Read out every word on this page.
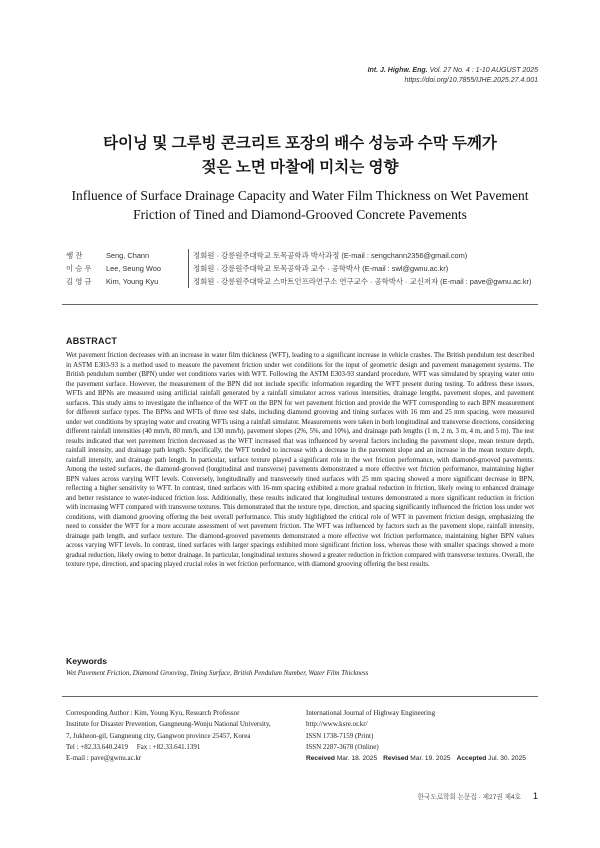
Int. J. Highw. Eng. Vol. 27 No. 4 : 1-10 AUGUST 2025
https://doi.org/10.7855/IJHE.2025.27.4.001
타이닝 및 그루빙 콘크리트 포장의 배수 성능과 수막 두께가
젖은 노면 마찰에 미치는 영향
Influence of Surface Drainage Capacity and Water Film Thickness on Wet Pavement
Friction of Tined and Diamond-Grooved Concrete Pavements
쎙 잔	Seng, Chann	정회원 · 강릉원주대학교 토목공학과 박사과정 (E-mail : sengchann2356@gmail.com)
이 승 우	Lee, Seung Woo	정회원 · 강릉원주대학교 토목공학과 교수 · 공학박사 (E-mail : swl@gwnu.ac.kr)
김 영 규	Kim, Young Kyu	정회원 · 강릉원주대학교 스마트인프라연구소 연구교수 · 공학박사 · 교신저자 (E-mail : pave@gwnu.ac.kr)
ABSTRACT
Wet pavement friction decreases with an increase in water film thickness (WFT), leading to a significant increase in vehicle crashes. The British pendulum test described in ASTM E303-93 is a method used to measure the pavement friction under wet conditions for the input of geometric design and pavement management systems. The British pendulum number (BPN) under wet conditions varies with WFT. Following the ASTM E303-93 standard procedure, WFT was simulated by spraying water onto the pavement surface. However, the measurement of the BPN did not include specific information regarding the WFT present during testing. To address these issues, WFTs and BPNs are measured using artificial rainfall generated by a rainfall simulator across various intensities, drainage lengths, pavement slopes, and pavement surfaces. This study aims to investigate the influence of the WFT on the BPN for wet pavement friction and provide the WFT corresponding to each BPN measurement for different surface types. The BPNs and WFTs of three test slabs, including diamond grooving and tining surfaces with 16 mm and 25 mm spacing, were measured under wet conditions by spraying water and creating WFTs using a rainfall simulator. Measurements were taken in both longitudinal and transverse directions, considering different rainfall intensities (40 mm/h, 80 mm/h, and 130 mm/h), pavement slopes (2%, 5%, and 10%), and drainage path lengths (1 m, 2 m, 3 m, 4 m, and 5 m). The test results indicated that wet pavement friction decreased as the WFT increased that was influenced by several factors including the pavement slope, mean texture depth, rainfall intensity, and drainage path length. Specifically, the WFT tended to increase with a decrease in the pavement slope and an increase in the mean texture depth, rainfall intensity, and drainage path length. In particular, surface texture played a significant role in the wet friction performance, with diamond-grooved pavements. Among the tested surfaces, the diamond-grooved (longitudinal and transverse) pavements demonstrated a more effective wet friction performance, maintaining higher BPN values across varying WFT levels. Conversely, longitudinally and transversely tined surfaces with 25 mm spacing showed a more significant decrease in BPN, reflecting a higher sensitivity to WFT. In contrast, tined surfaces with 16-mm spacing exhibited a more gradual reduction in friction, likely owing to enhanced drainage and better resistance to water-induced friction loss. Additionally, these results indicated that longitudinal textures demonstrated a more significant reduction in friction with increasing WFT compared with transverse textures. This demonstrated that the texture type, direction, and spacing significantly influenced the friction loss under wet conditions, with diamond grooving offering the best overall performance. This study highlighted the critical role of WFT in pavement friction design, emphasizing the need to consider the WFT for a more accurate assessment of wet pavement friction. The WFT was influenced by factors such as the pavement slope, rainfall intensity, drainage path length, and surface texture. The diamond-grooved pavements demonstrated a more effective wet friction performance, maintaining higher BPN values across varying WFT levels. In contrast, tined surfaces with larger spacings exhibited more significant friction loss, whereas those with smaller spacings showed a more gradual reduction, likely owing to better drainage. In particular, longitudinal textures showed a greater reduction in friction compared with transverse textures. Overall, the texture type, direction, and spacing played crucial roles in wet friction performance, with diamond grooving offering the best results.
Keywords
Wet Pavement Friction, Diamond Grooving, Tining Surface, British Pendulum Number, Water Film Thickness
Corresponding Author : Kim, Young Kyu, Research Professor
Institute for Disaster Prevention, Gangneung-Wonju National University,
7, Jukheon-gil, Gangneung city, Gangwon province 25457, Korea
Tel : +82.33.640.2419 Fax : +82.33.641.1391
E-mail : pave@gwnu.ac.kr
International Journal of Highway Engineering
http://www.ksre.or.kr/
ISSN 1738-7159 (Print)
ISSN 2287-3678 (Online)
Received Mar. 18. 2025 Revised Mar. 19. 2025 Accepted Jul. 30. 2025
한국도로학회 논문집 · 제27권 제4호 1
